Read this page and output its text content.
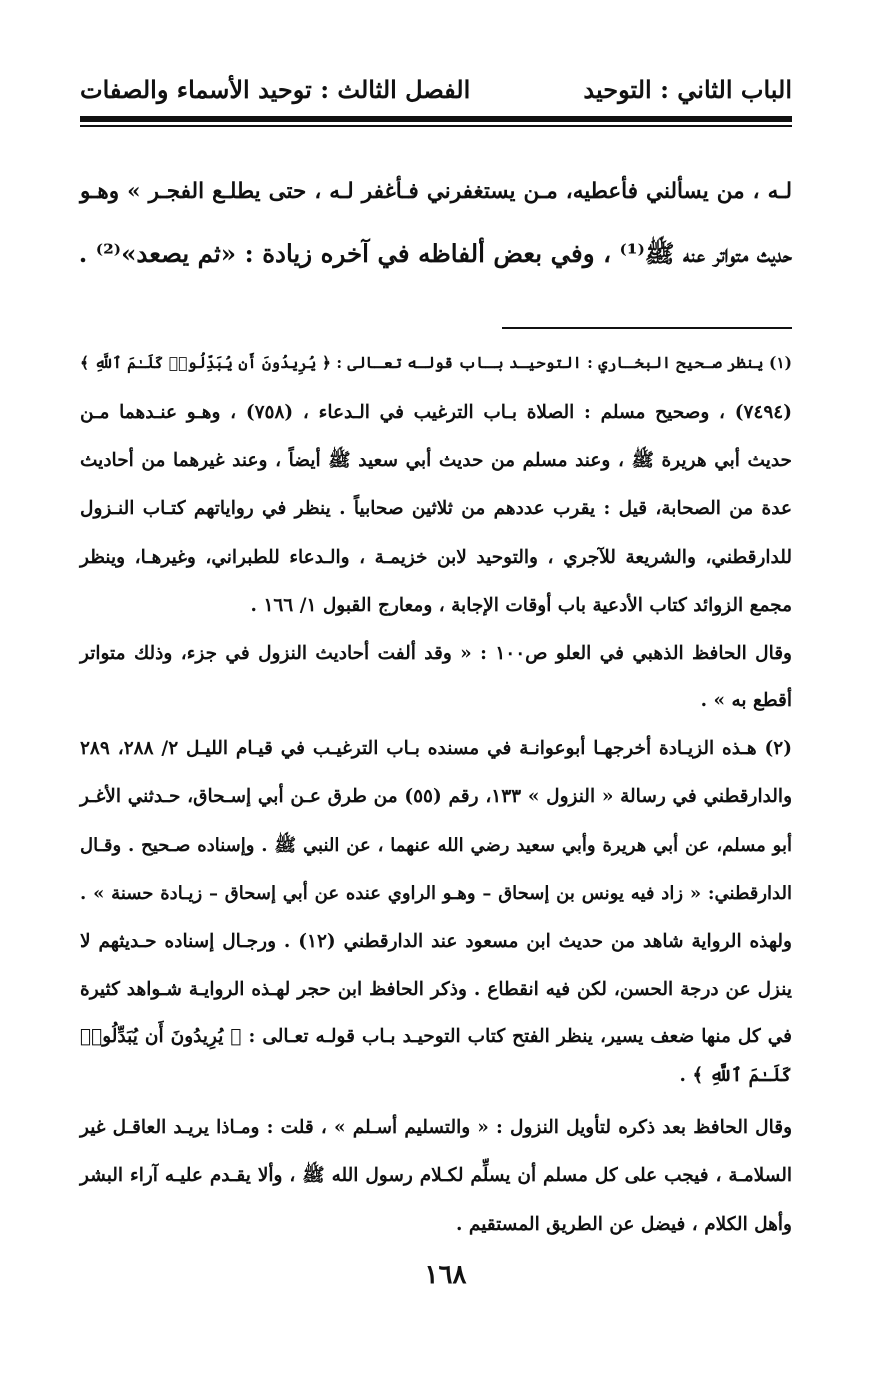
الباب الثاني : التوحيد
الفصل الثالث : توحيد الأسماء والصفات
لـه ، من يسألني فأعطيه، مـن يستغفرني فـأغفر لـه ، حتى يطلـع الفجـر » وهـو
حديث متواتر عنه ﷺ⁽¹⁾ ، وفي بعض ألفاظه في آخره زيادة : «ثم يصعد»⁽²⁾ .
(١) ينظر صـحيح البخـاري : التوحيـد بـاب قولـه تعـالى : ﴿ يُرِيدُونَ أَن يُبَدِّلُوا۟ كَلَـٰمَ ٱللَّهِ ﴾
(٧٤٩٤) ، وصحيح مسلم : الصلاة بـاب الترغيب في الـدعاء ، (٧٥٨) ، وهـو عنـدهما مـن
حديث أبي هريرة ﷺ ، وعند مسلم من حديث أبي سعيد ﷺ أيضاً ، وعند غيرهما من أحاديث
عدة من الصحابة، قيل : يقرب عددهم من ثلاثين صحابياً . ينظر في رواياتهم كتـاب النـزول
للدارقطني، والشريعة للآجري ، والتوحيد لابن خزيمـة ، والـدعاء للطبراني، وغيرهـا، وينظر
مجمع الزوائد كتاب الأدعية باب أوقات الإجابة ، ومعارج القبول ١/ ١٦٦ .
وقال الحافظ الذهبي في العلو ص١٠٠ : « وقد ألفت أحاديث النزول في جزء، وذلك متواتر
أقطع به » .
(٢) هـذه الزيـادة أخرجهـا أبوعوانـة في مسنده بـاب الترغيـب في قيـام الليـل ٢/ ٢٨٨، ٢٨٩
والدارقطني في رسالة « النزول » ١٣٣، رقم (٥٥) من طرق عـن أبي إسـحاق، حـدثني الأغـر
أبو مسلم، عن أبي هريرة وأبي سعيد رضي الله عنهما ، عن النبي ﷺ . وإسناده صـحيح . وقـال
الدارقطني: « زاد فيه يونس بن إسحاق – وهـو الراوي عنده عن أبي إسحاق – زيـادة حسنة » .
ولهذه الرواية شاهد من حديث ابن مسعود عند الدارقطني (١٢) . ورجـال إسناده حـديثهم لا
ينزل عن درجة الحسن، لكن فيه انقطاع . وذكر الحافظ ابن حجر لهـذه الروايـة شـواهد كثيرة
في كل منها ضعف يسير، ينظر الفتح كتاب التوحيـد بـاب قولـه تعـالى : ﴿ يُرِيدُونَ أَن يُبَدِّلُوا۟
كَلَـٰمَ ٱللَّهِ ﴾ .
وقال الحافظ بعد ذكره لتأويل النزول : « والتسليم أسـلم » ، قلت : ومـاذا يريـد العاقـل غير
السلامـة ، فيجب على كل مسلم أن يسلِّم لكـلام رسول الله ﷺ ، وألا يقـدم عليـه آراء البشر
وأهل الكلام ، فيضل عن الطريق المستقيم .
١٦٨
